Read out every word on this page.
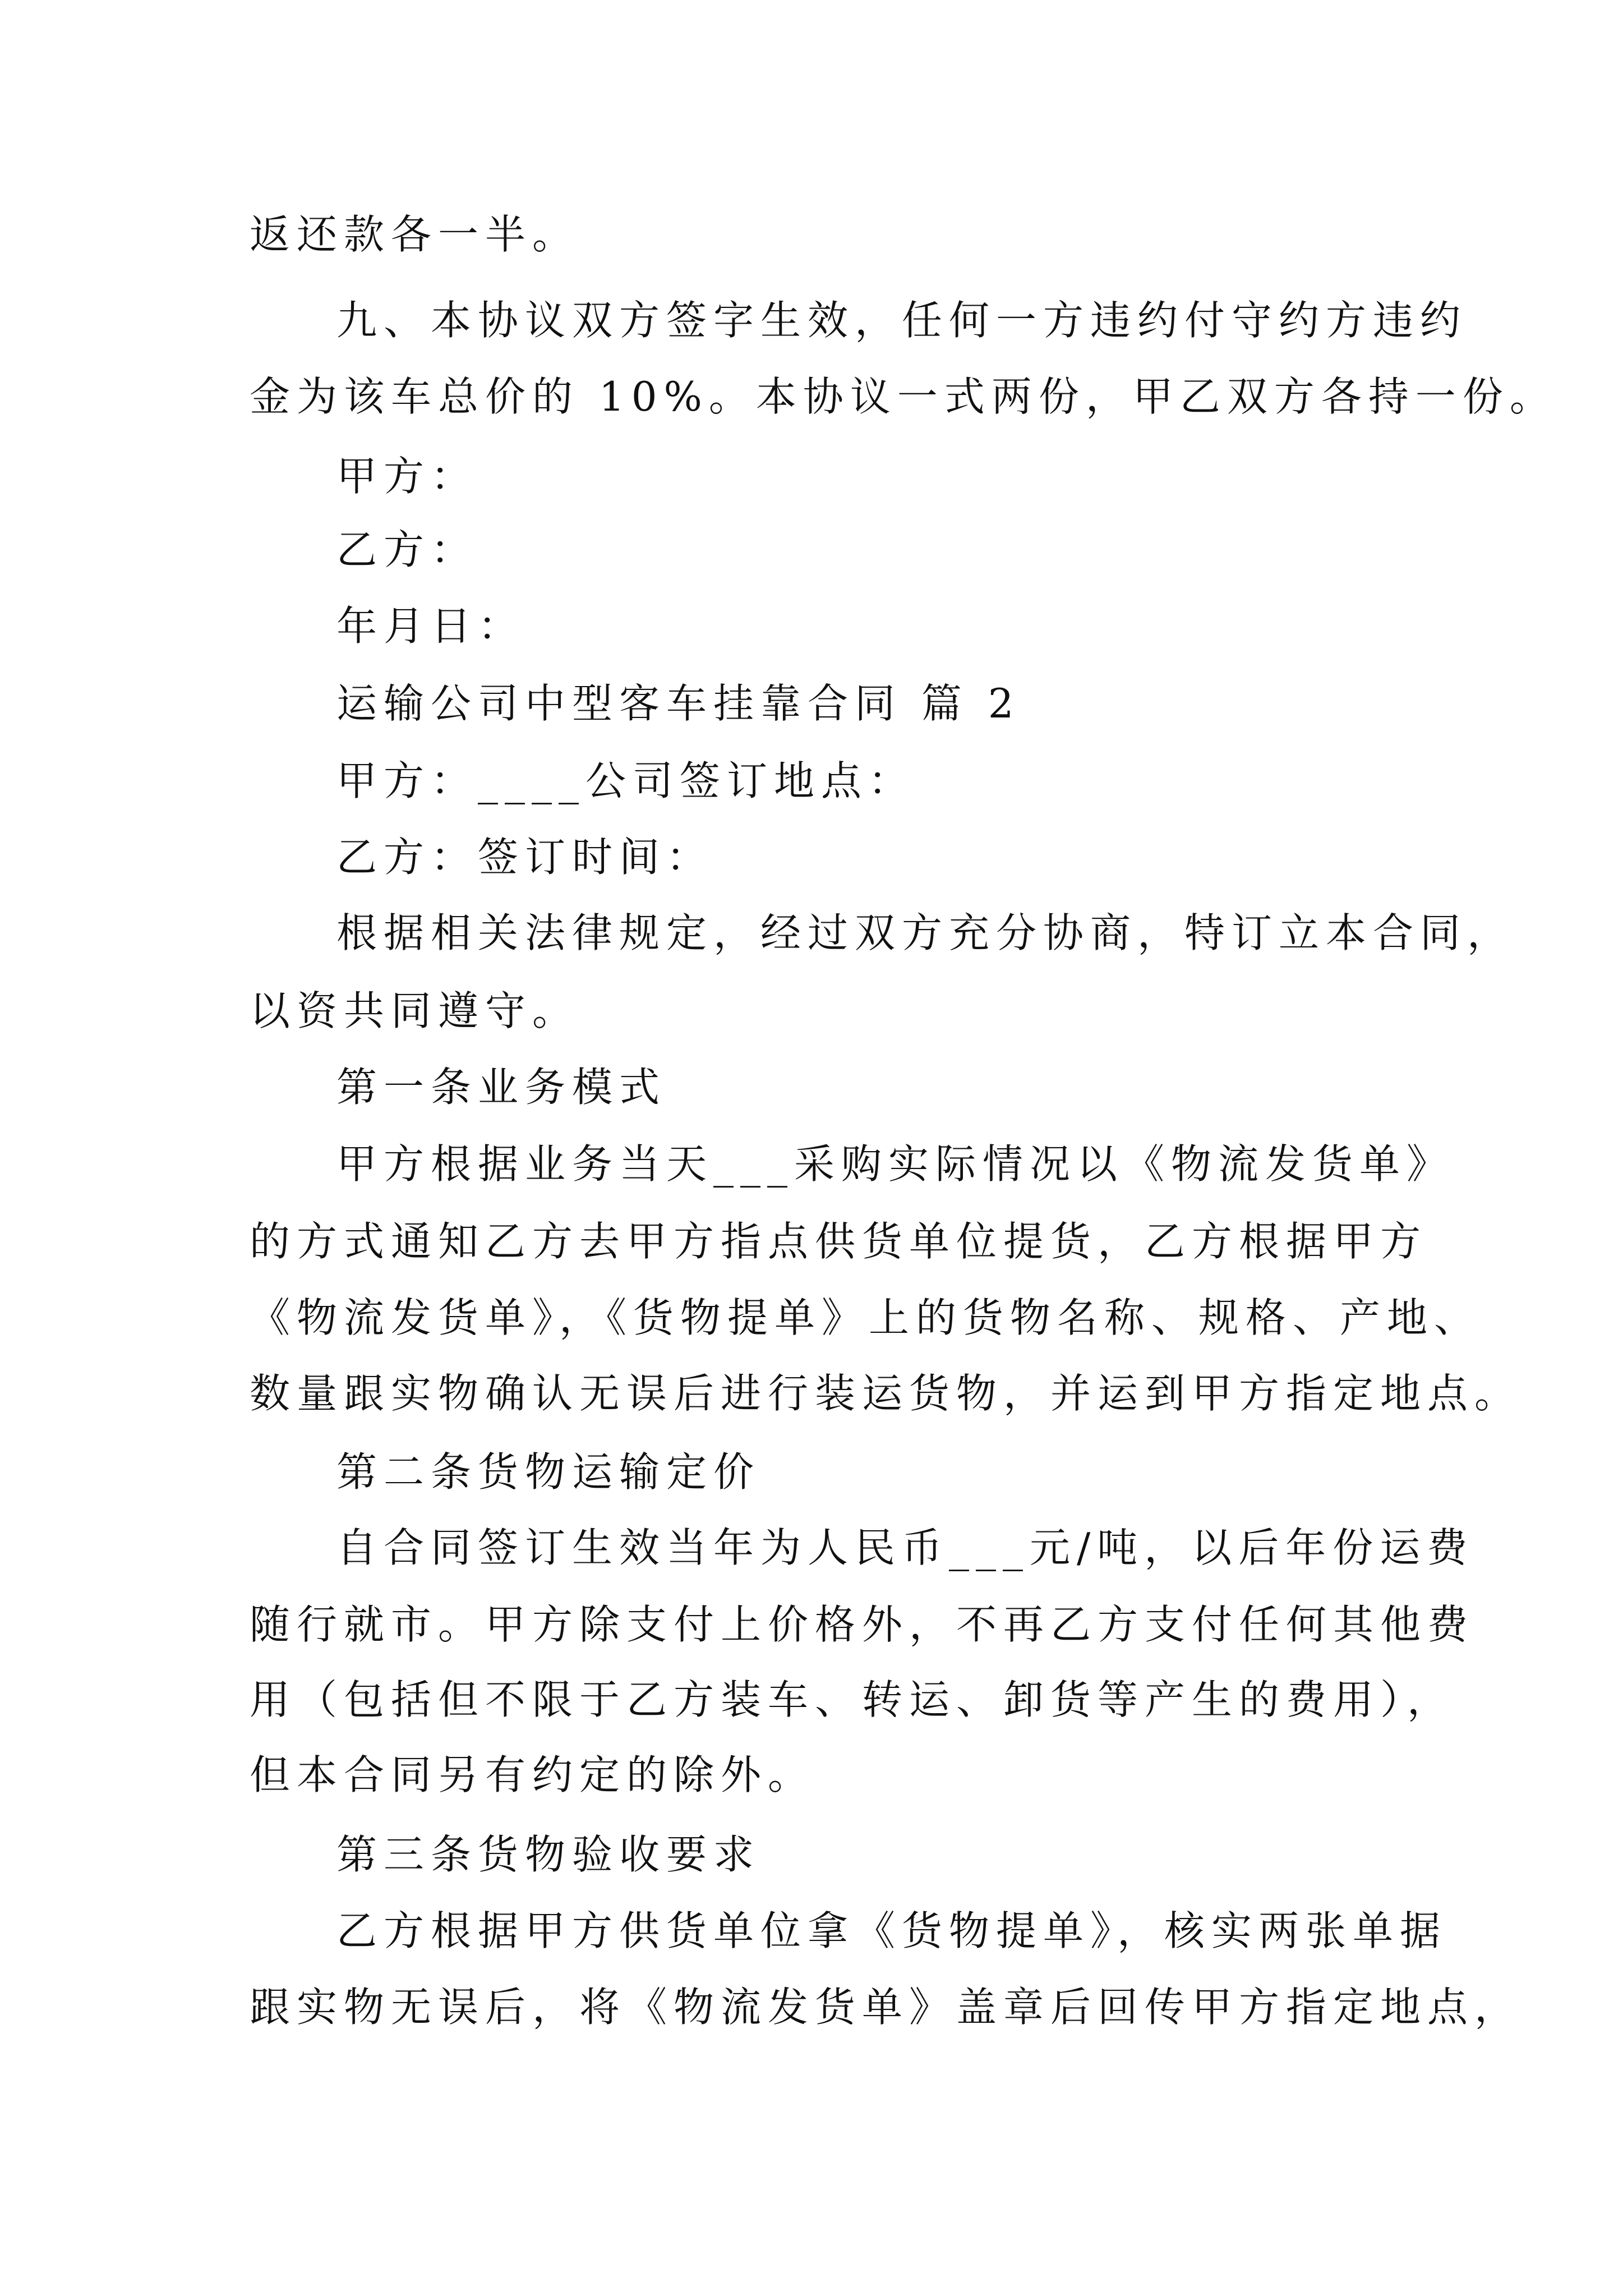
返还款各一半。

九、本协议双方签字生效，任何一方违约付守约方违约

金为该车总价的 10%。本协议一式两份，甲乙双方各持一份。

甲方：

乙方：

年月日：

运输公司中型客车挂靠合同 篇 2

甲方：____公司签订地点：

乙方：签订时间：

根据相关法律规定，经过双方充分协商，特订立本合同，

以资共同遵守。

第一条业务模式

甲方根据业务当天___采购实际情况以《物流发货单》

的方式通知乙方去甲方指点供货单位提货，乙方根据甲方

《物流发货单》，《货物提单》上的货物名称、规格、产地、

数量跟实物确认无误后进行装运货物，并运到甲方指定地点。

第二条货物运输定价

自合同签订生效当年为人民币___元/吨，以后年份运费

随行就市。甲方除支付上价格外，不再乙方支付任何其他费

用（包括但不限于乙方装车、转运、卸货等产生的费用），

但本合同另有约定的除外。

第三条货物验收要求

乙方根据甲方供货单位拿《货物提单》，核实两张单据

跟实物无误后，将《物流发货单》盖章后回传甲方指定地点，
